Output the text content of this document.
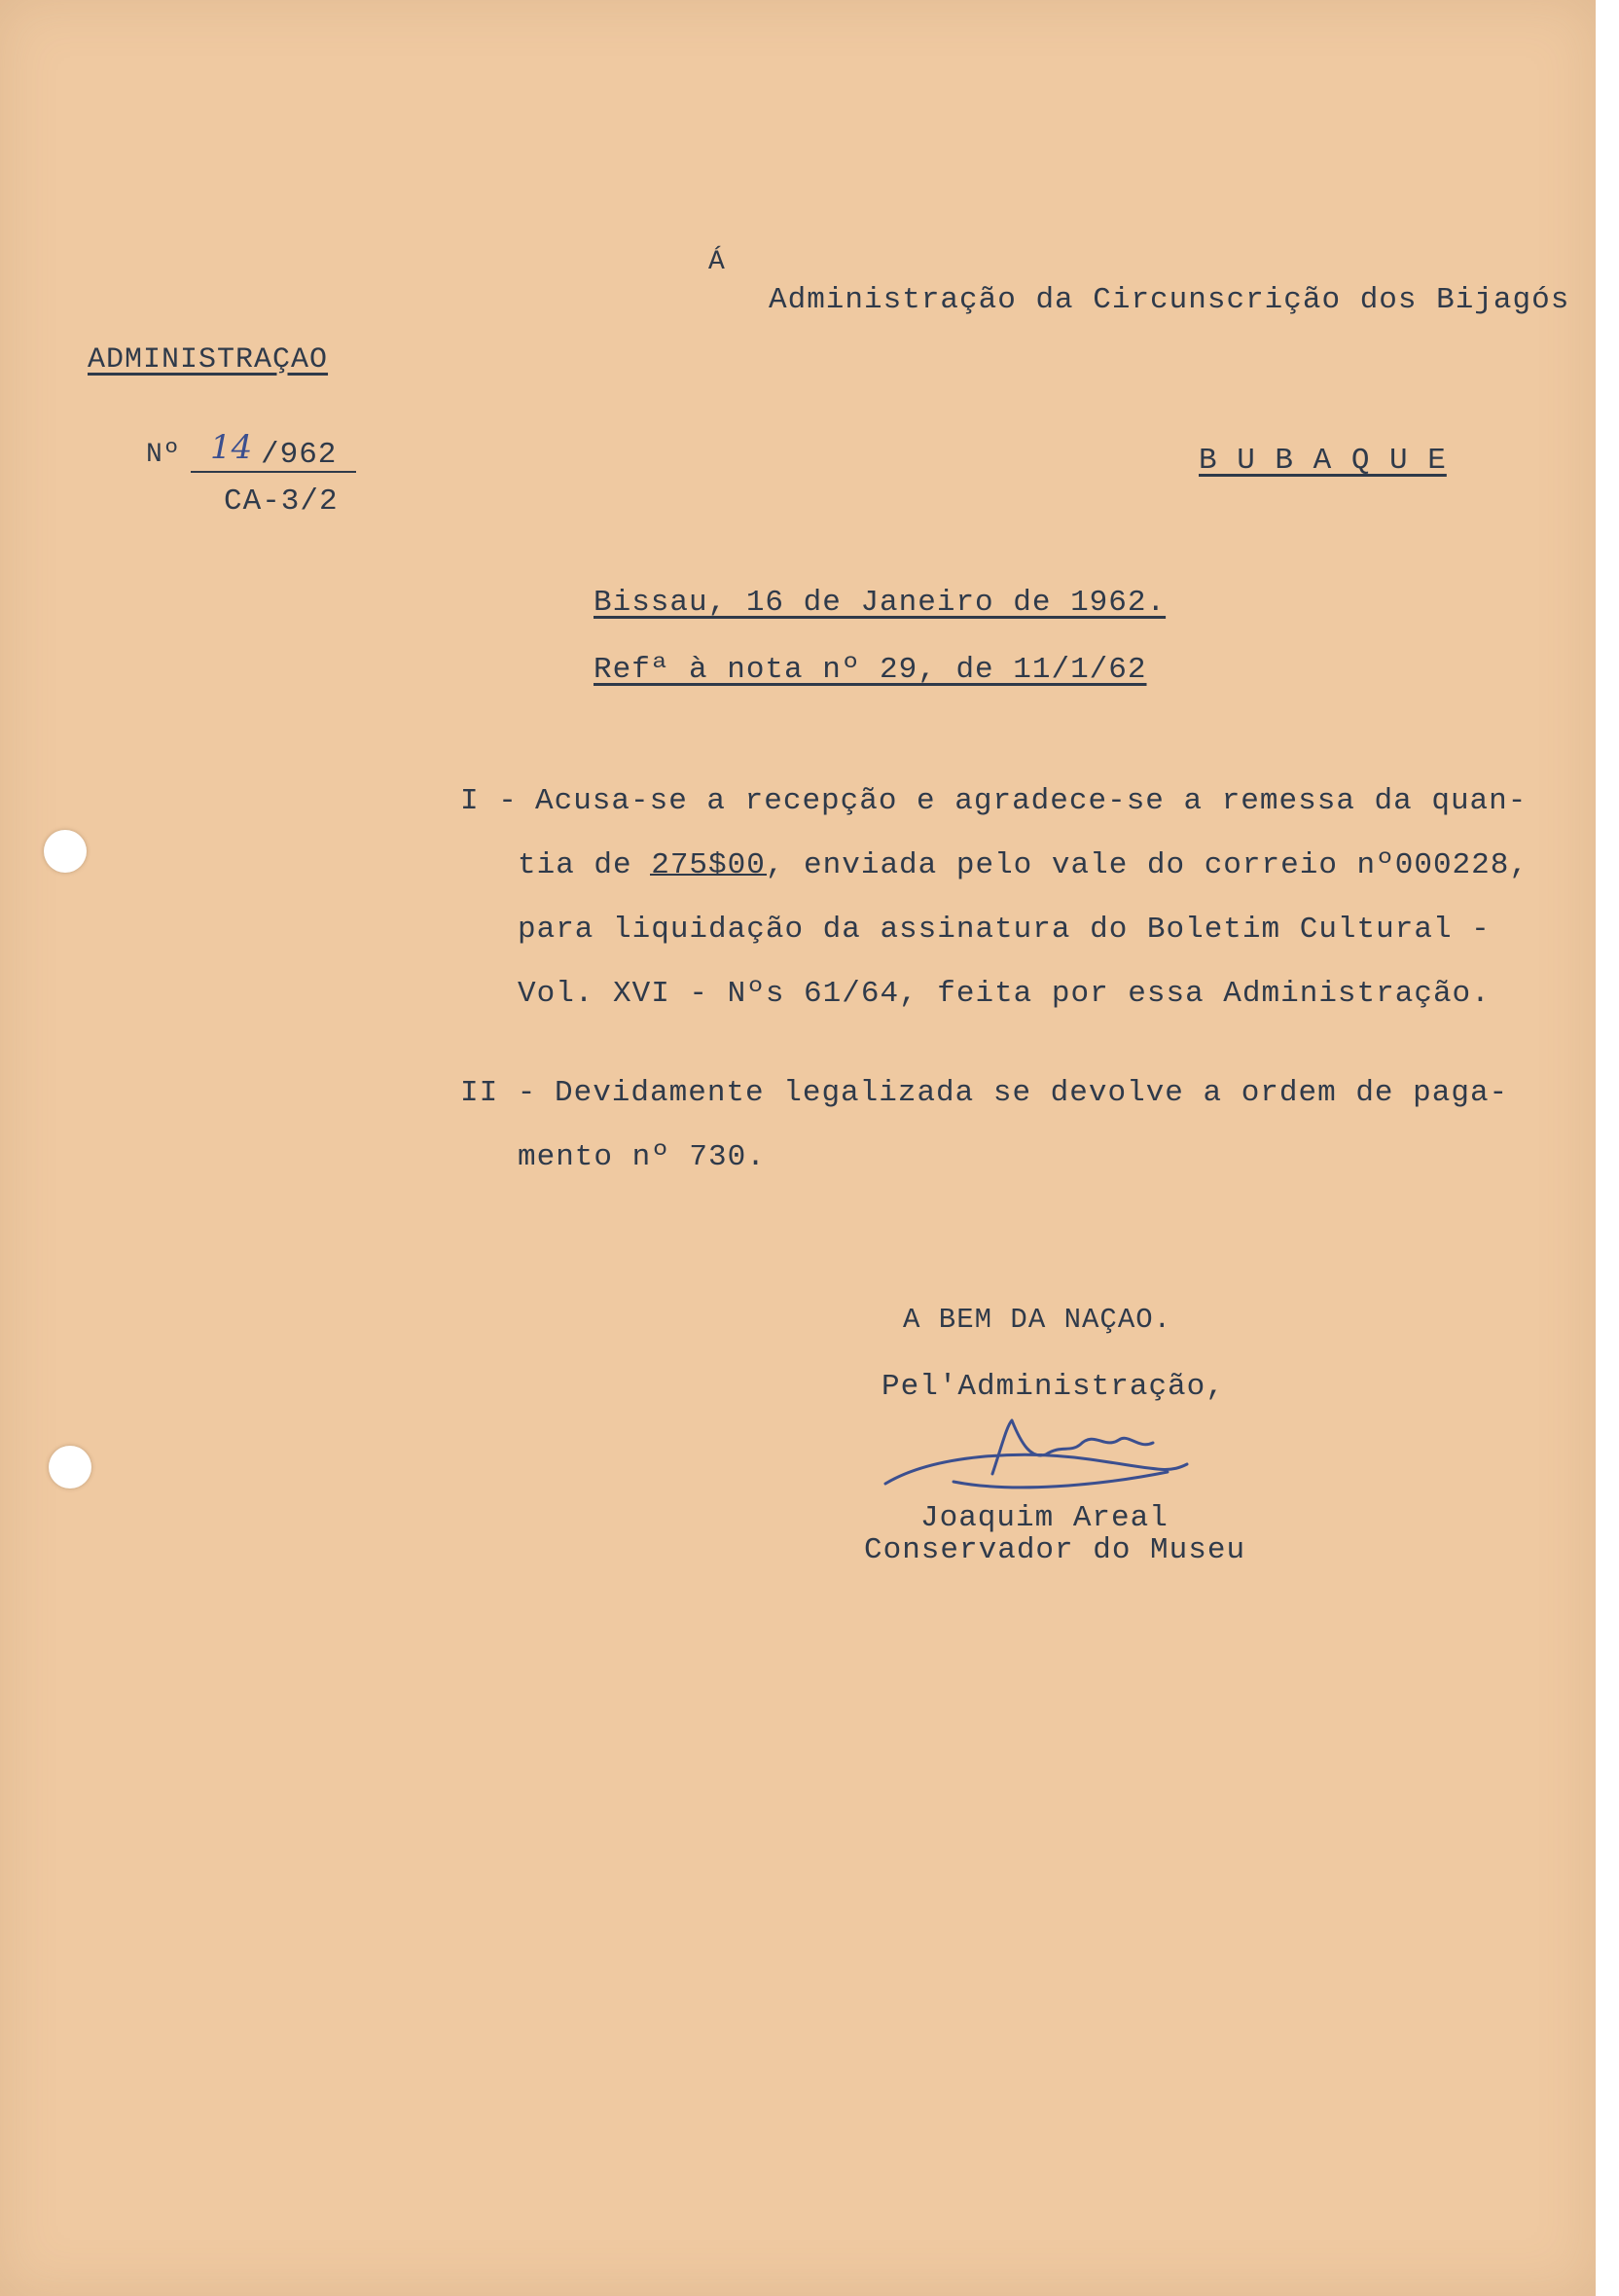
Á
Administração da Circunscrição dos Bijagós
B U B A Q U E
ADMINISTRAÇAO
Nº 14 /962
CA-3/2
Bissau, 16 de Janeiro de 1962.
Refª à nota nº 29, de 11/1/62
I - Acusa-se a recepção e agradece-se a remessa da quan-
tia de 275$00, enviada pelo vale do correio nº000228,
para liquidação da assinatura do Boletim Cultural -
Vol. XVI - Nºs 61/64, feita por essa Administração.
II - Devidamente legalizada se devolve a ordem de paga-
mento nº 730.
A BEM DA NAÇAO.
Pel'Administração,
Joaquim Areal
Conservador do Museu
